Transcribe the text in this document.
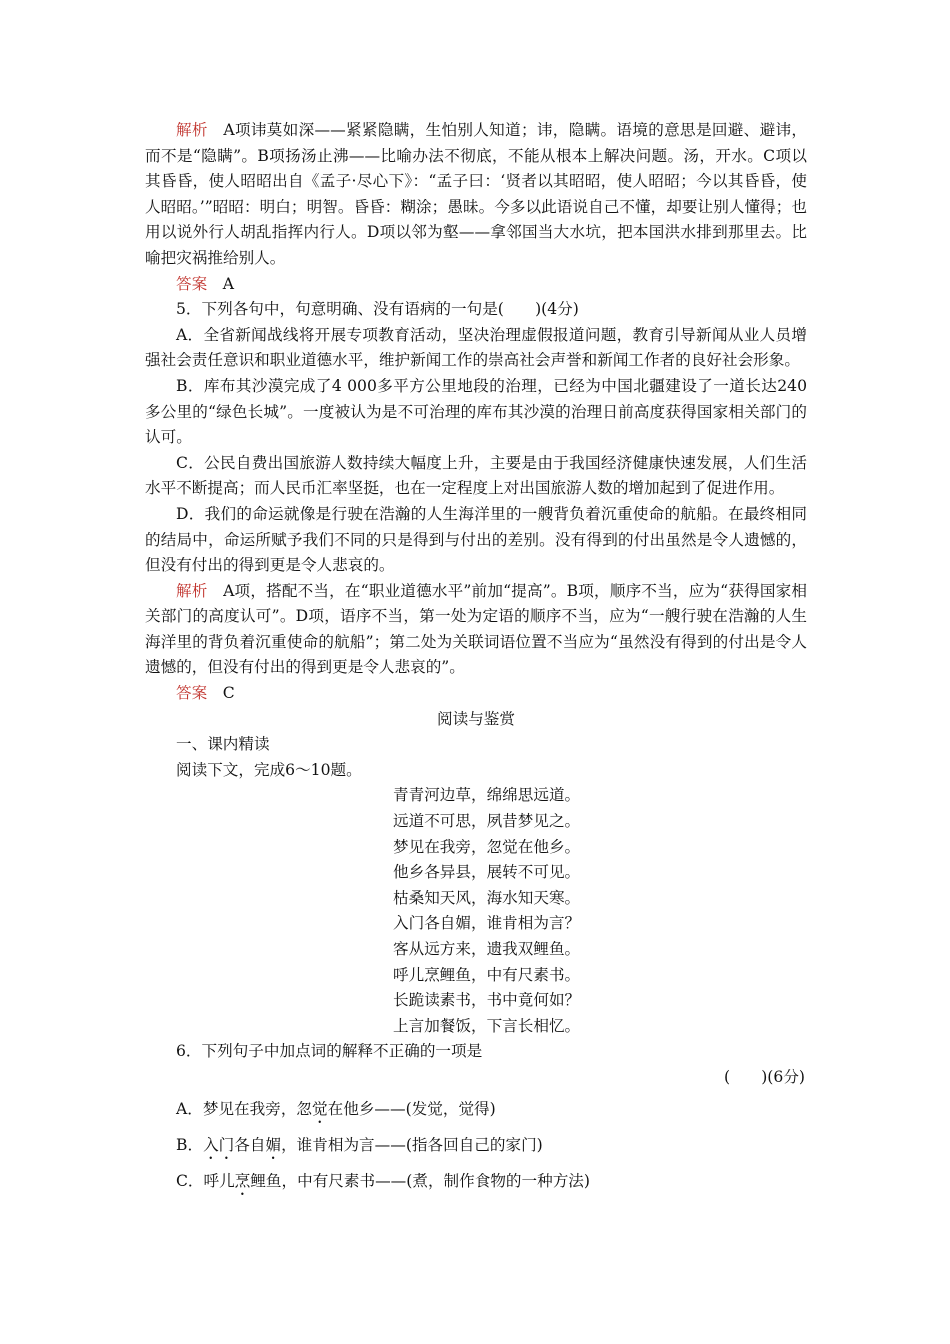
解析  A项讳莫如深——紧紧隐瞒，生怕别人知道；讳，隐瞒。语境的意思是回避、避讳，而不是“隐瞒”。B项扬汤止沸——比喻办法不彻底，不能从根本上解决问题。汤，开水。C项以其昏昏，使人昭昭出自《孟子·尽心下》：“孟子曰：‘贤者以其昭昭，使人昭昭；今以其昏昏，使人昭昭。’”昭昭：明白；明智。昏昏：糊涂；愚昧。今多以此语说自己不懂，却要让别人懂得；也用以说外行人胡乱指挥内行人。D项以邻为壑——拿邻国当大水坑，把本国洪水排到那里去。比喻把灾祸推给别人。

答案  A

5．下列各句中，句意明确、没有语病的一句是(　　)(4分)

A．全省新闻战线将开展专项教育活动，坚决治理虚假报道问题，教育引导新闻从业人员增强社会责任意识和职业道德水平，维护新闻工作的崇高社会声誉和新闻工作者的良好社会形象。

B．库布其沙漠完成了4 000多平方公里地段的治理，已经为中国北疆建设了一道长达240多公里的“绿色长城”。一度被认为是不可治理的库布其沙漠的治理日前高度获得国家相关部门的认可。

C．公民自费出国旅游人数持续大幅度上升，主要是由于我国经济健康快速发展，人们生活水平不断提高；而人民币汇率坚挺，也在一定程度上对出国旅游人数的增加起到了促进作用。

D．我们的命运就像是行驶在浩瀚的人生海洋里的一艘背负着沉重使命的航船。在最终相同的结局中，命运所赋予我们不同的只是得到与付出的差别。没有得到的付出虽然是令人遗憾的，但没有付出的得到更是令人悲哀的。

解析  A项，搭配不当，在“职业道德水平”前加“提高”。B项，顺序不当，应为“获得国家相关部门的高度认可”。D项，语序不当，第一处为定语的顺序不当，应为“一艘行驶在浩瀚的人生海洋里的背负着沉重使命的航船”；第二处为关联词语位置不当应为“虽然没有得到的付出是令人遗憾的，但没有付出的得到更是令人悲哀的”。

答案  C

阅读与鉴赏

一、课内精读

阅读下文，完成6～10题。

青青河边草，绵绵思远道。

远道不可思，夙昔梦见之。

梦见在我旁，忽觉在他乡。

他乡各异县，展转不可见。

枯桑知天风，海水知天寒。

入门各自媚，谁肯相为言？

客从远方来，遗我双鲤鱼。

呼儿烹鲤鱼，中有尺素书。

长跪读素书，书中竟何如？

上言加餐饭，下言长相忆。

6．下列句子中加点词的解释不正确的一项是

(　　)(6分)

A．梦见在我旁，忽觉在他乡——(发觉，觉得)

B．入门各自媚，谁肯相为言——(指各回自己的家门)

C．呼儿烹鲤鱼，中有尺素书——(煮，制作食物的一种方法)
